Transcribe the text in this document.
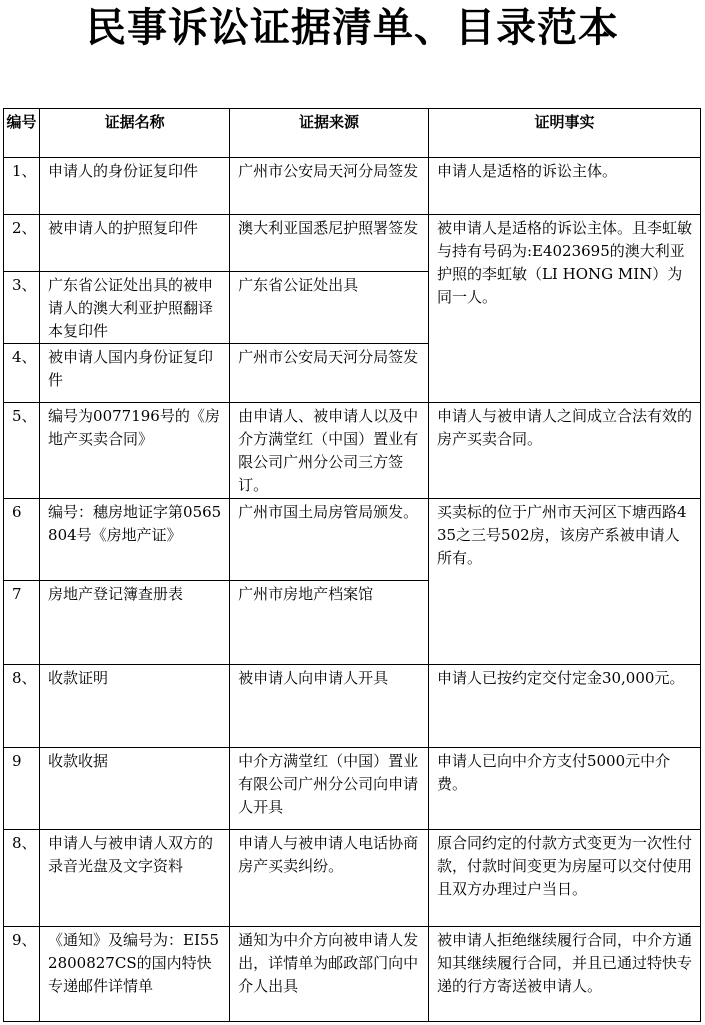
民事诉讼证据清单、目录范本
编号	证据名称	证据来源	证明事实
1、	申请人的身份证复印件	广州市公安局天河分局签发	申请人是适格的诉讼主体。
2、	被申请人的护照复印件	澳大利亚国悉尼护照署签发	被申请人是适格的诉讼主体。且李虹敏与持有号码为:E4023695的澳大利亚护照的李虹敏（LI HONG MIN）为同一人。
3、	广东省公证处出具的被申请人的澳大利亚护照翻译本复印件	广东省公证处出具	
4、	被申请人国内身份证复印件	广州市公安局天河分局签发	
5、	编号为0077196号的《房地产买卖合同》	由申请人、被申请人以及中介方满堂红（中国）置业有限公司广州分公司三方签订。	申请人与被申请人之间成立合法有效的房产买卖合同。
6	编号：穗房地证字第0565804号《房地产证》	广州市国土局房管局颁发。	买卖标的位于广州市天河区下塘西路435之三号502房，该房产系被申请人所有。
7	房地产登记簿查册表	广州市房地产档案馆	
8、	收款证明	被申请人向申请人开具	申请人已按约定交付定金30,000元。
9	收款收据	中介方满堂红（中国）置业有限公司广州分公司向申请人开具	申请人已向中介方支付5000元中介费。
8、	申请人与被申请人双方的录音光盘及文字资料	申请人与被申请人电话协商房产买卖纠纷。	原合同约定的付款方式变更为一次性付款，付款时间变更为房屋可以交付使用且双方办理过户当日。
9、	《通知》及编号为：EI552800827CS的国内特快专递邮件详情单	通知为中介方向被申请人发出，详情单为邮政部门向中介人出具	被申请人拒绝继续履行合同，中介方通知其继续履行合同，并且已通过特快专递的行方寄送被申请人。
